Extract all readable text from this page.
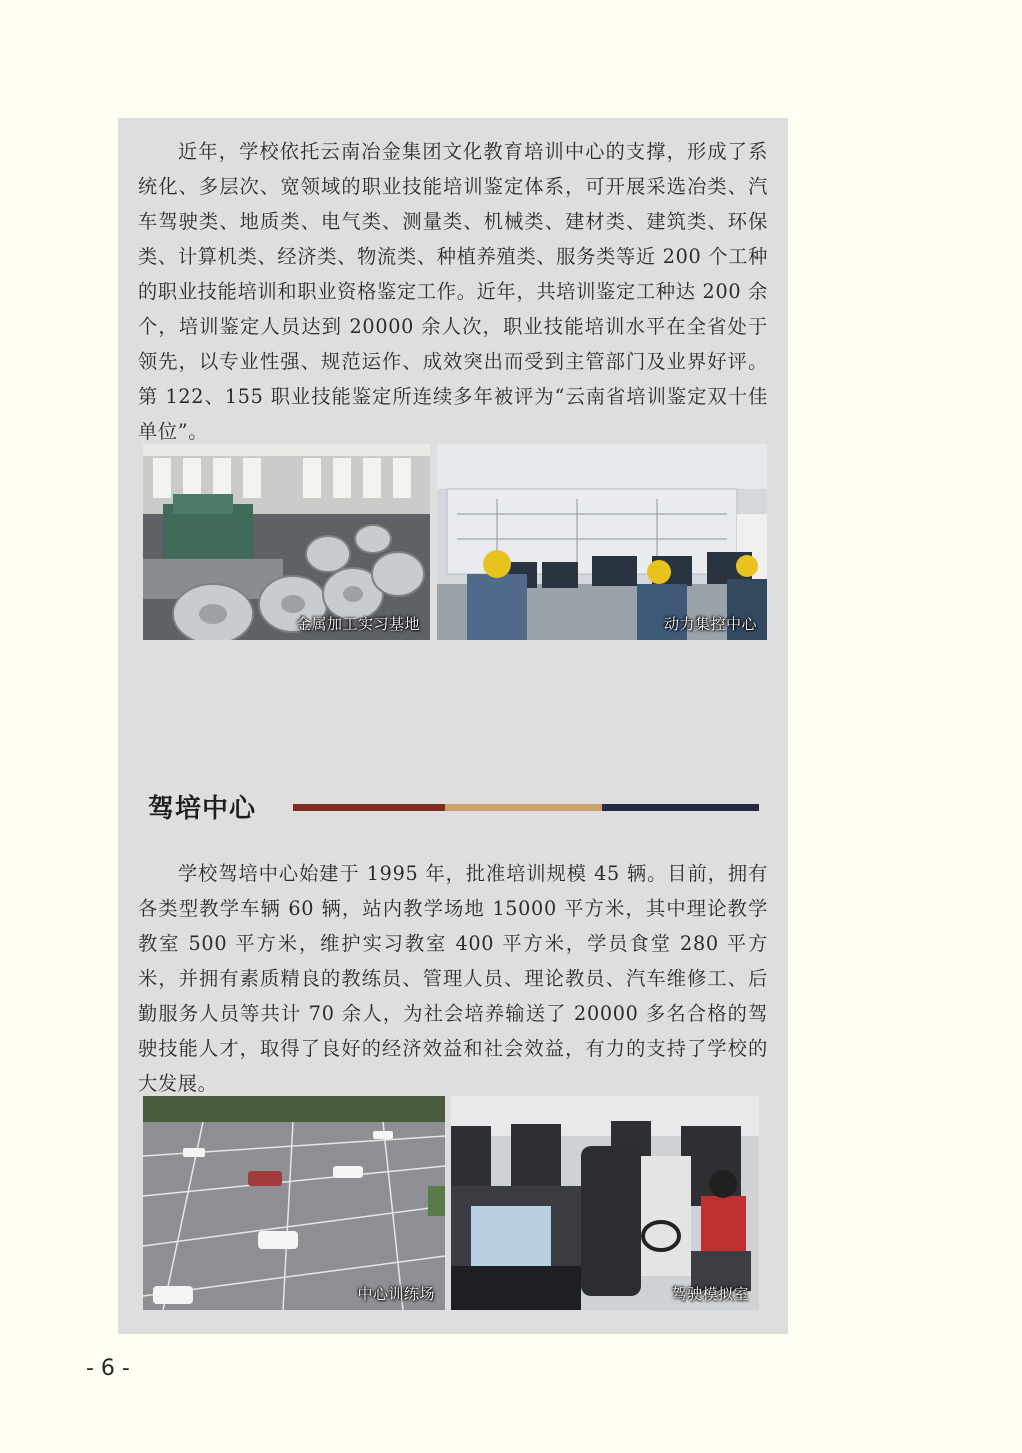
近年，学校依托云南冶金集团文化教育培训中心的支撑，形成了系统化、多层次、宽领域的职业技能培训鉴定体系，可开展采选冶类、汽车驾驶类、地质类、电气类、测量类、机械类、建材类、建筑类、环保类、计算机类、经济类、物流类、种植养殖类、服务类等近 200 个工种的职业技能培训和职业资格鉴定工作。近年，共培训鉴定工种达 200 余个，培训鉴定人员达到 20000 余人次，职业技能培训水平在全省处于领先，以专业性强、规范运作、成效突出而受到主管部门及业界好评。第 122、155 职业技能鉴定所连续多年被评为“云南省培训鉴定双十佳单位”。

金属加工实习基地	动力集控中心
驾培中心

学校驾培中心始建于 1995 年，批准培训规模 45 辆。目前，拥有各类型教学车辆 60 辆，站内教学场地 15000 平方米，其中理论教学教室 500 平方米，维护实习教室 400 平方米，学员食堂 280 平方米，并拥有素质精良的教练员、管理人员、理论教员、汽车维修工、后勤服务人员等共计 70 余人，为社会培养输送了 20000 多名合格的驾驶技能人才，取得了良好的经济效益和社会效益，有力的支持了学校的大发展。

中心训练场	驾驶模拟室
- 6 -
